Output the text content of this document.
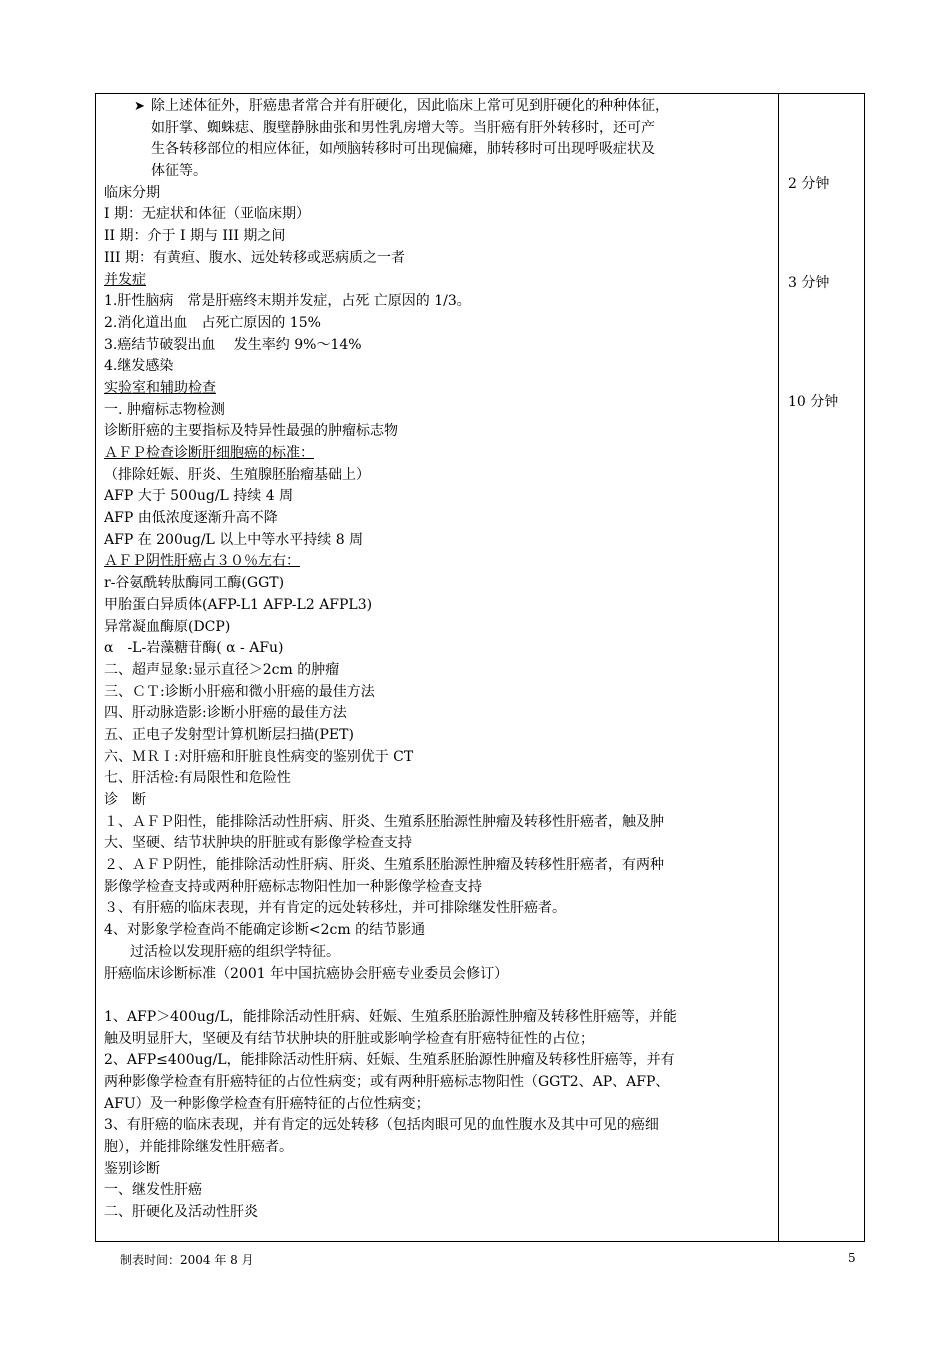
➤ 除上述体征外，肝癌患者常合并有肝硬化，因此临床上常可见到肝硬化的种种体征，
如肝掌、蜘蛛痣、腹壁静脉曲张和男性乳房增大等。当肝癌有肝外转移时，还可产
生各转移部位的相应体征，如颅脑转移时可出现偏瘫，肺转移时可出现呼吸症状及
体征等。
临床分期
I 期：无症状和体征（亚临床期）
II 期：介于 I 期与 III 期之间
III 期：有黄疸、腹水、远处转移或恶病质之一者
并发症
1.肝性脑病　常是肝癌终末期并发症，占死 亡原因的 1/3。
2.消化道出血　占死亡原因的 15%
3.癌结节破裂出血　 发生率约 9%～14%
4.继发感染
实验室和辅助检查
一. 肿瘤标志物检测
诊断肝癌的主要指标及特异性最强的肿瘤标志物
ＡＦＰ检查诊断肝细胞癌的标准：
（排除妊娠、肝炎、生殖腺胚胎瘤基础上）
AFP 大于 500ug/L 持续 4 周
AFP 由低浓度逐渐升高不降
AFP 在 200ug/L 以上中等水平持续 8 周
ＡＦＰ阴性肝癌占３０％左右：
r-谷氨酰转肽酶同工酶(GGT)
甲胎蛋白异质体(AFP-L1 AFP-L2 AFPL3)
异常凝血酶原(DCP)
α　-L-岩藻糖苷酶( α - AFu)
二、超声显象:显示直径＞2cm 的肿瘤
三、ＣＴ:诊断小肝癌和微小肝癌的最佳方法
四、肝动脉造影:诊断小肝癌的最佳方法
五、正电子发射型计算机断层扫描(PET)
六、ＭＲＩ:对肝癌和肝脏良性病变的鉴别优于 CT
七、肝活检:有局限性和危险性
诊　断
１、ＡＦＰ阳性，能排除活动性肝病、肝炎、生殖系胚胎源性肿瘤及转移性肝癌者，触及肿
大、坚硬、结节状肿块的肝脏或有影像学检查支持
２、ＡＦＰ阴性，能排除活动性肝病、肝炎、生殖系胚胎源性肿瘤及转移性肝癌者，有两种
影像学检查支持或两种肝癌标志物阳性加一种影像学检查支持
３、有肝癌的临床表现，并有肯定的远处转移灶，并可排除继发性肝癌者。
4、对影象学检查尚不能确定诊断<2cm 的结节影通
过活检以发现肝癌的组织学特征。
肝癌临床诊断标准（2001 年中国抗癌协会肝癌专业委员会修订）
1、AFP＞400ug/L，能排除活动性肝病、妊娠、生殖系胚胎源性肿瘤及转移性肝癌等，并能
触及明显肝大，坚硬及有结节状肿块的肝脏或影响学检查有肝癌特征性的占位；
2、AFP≤400ug/L，能排除活动性肝病、妊娠、生殖系胚胎源性肿瘤及转移性肝癌等，并有
两种影像学检查有肝癌特征的占位性病变；或有两种肝癌标志物阳性（GGT2、AP、AFP、
AFU）及一种影像学检查有肝癌特征的占位性病变；
3、有肝癌的临床表现，并有肯定的远处转移（包括肉眼可见的血性腹水及其中可见的癌细
胞），并能排除继发性肝癌者。
鉴别诊断
一、继发性肝癌
二、肝硬化及活动性肝炎
2 分钟
3 分钟
10 分钟
制表时间：2004 年 8 月	5
